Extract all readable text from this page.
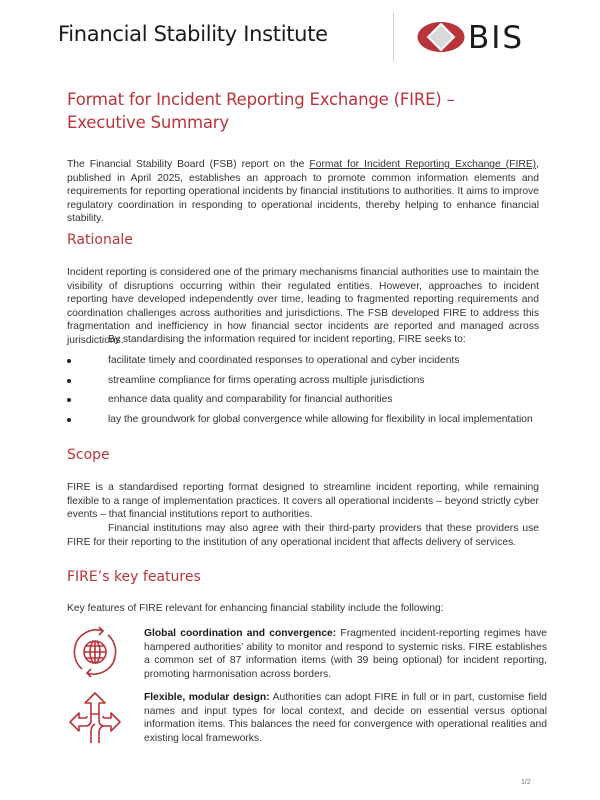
Financial Stability Institute	BIS
Format for Incident Reporting Exchange (FIRE) – Executive Summary

The Financial Stability Board (FSB) report on the Format for Incident Reporting Exchange (FIRE), published in April 2025, establishes an approach to promote common information elements and requirements for reporting operational incidents by financial institutions to authorities. It aims to improve regulatory coordination in responding to operational incidents, thereby helping to enhance financial stability.

Rationale

Incident reporting is considered one of the primary mechanisms financial authorities use to maintain the visibility of disruptions occurring within their regulated entities. However, approaches to incident reporting have developed independently over time, leading to fragmented reporting requirements and coordination challenges across authorities and jurisdictions. The FSB developed FIRE to address this fragmentation and inefficiency in how financial sector incidents are reported and managed across jurisdictions.

By standardising the information required for incident reporting, FIRE seeks to:

facilitate timely and coordinated responses to operational and cyber incidents
streamline compliance for firms operating across multiple jurisdictions
enhance data quality and comparability for financial authorities
lay the groundwork for global convergence while allowing for flexibility in local implementation
Scope

FIRE is a standardised reporting format designed to streamline incident reporting, while remaining flexible to a range of implementation practices. It covers all operational incidents – beyond strictly cyber events – that financial institutions report to authorities.

Financial institutions may also agree with their third-party providers that these providers use FIRE for their reporting to the institution of any operational incident that affects delivery of services.

FIRE’s key features

Key features of FIRE relevant for enhancing financial stability include the following:

Global coordination and convergence: Fragmented incident-reporting regimes have hampered authorities’ ability to monitor and respond to systemic risks. FIRE establishes a common set of 87 information items (with 39 being optional) for incident reporting, promoting harmonisation across borders.

Flexible, modular design: Authorities can adopt FIRE in full or in part, customise field names and input types for local context, and decide on essential versus optional information items. This balances the need for convergence with operational realities and existing local frameworks.

1/2
